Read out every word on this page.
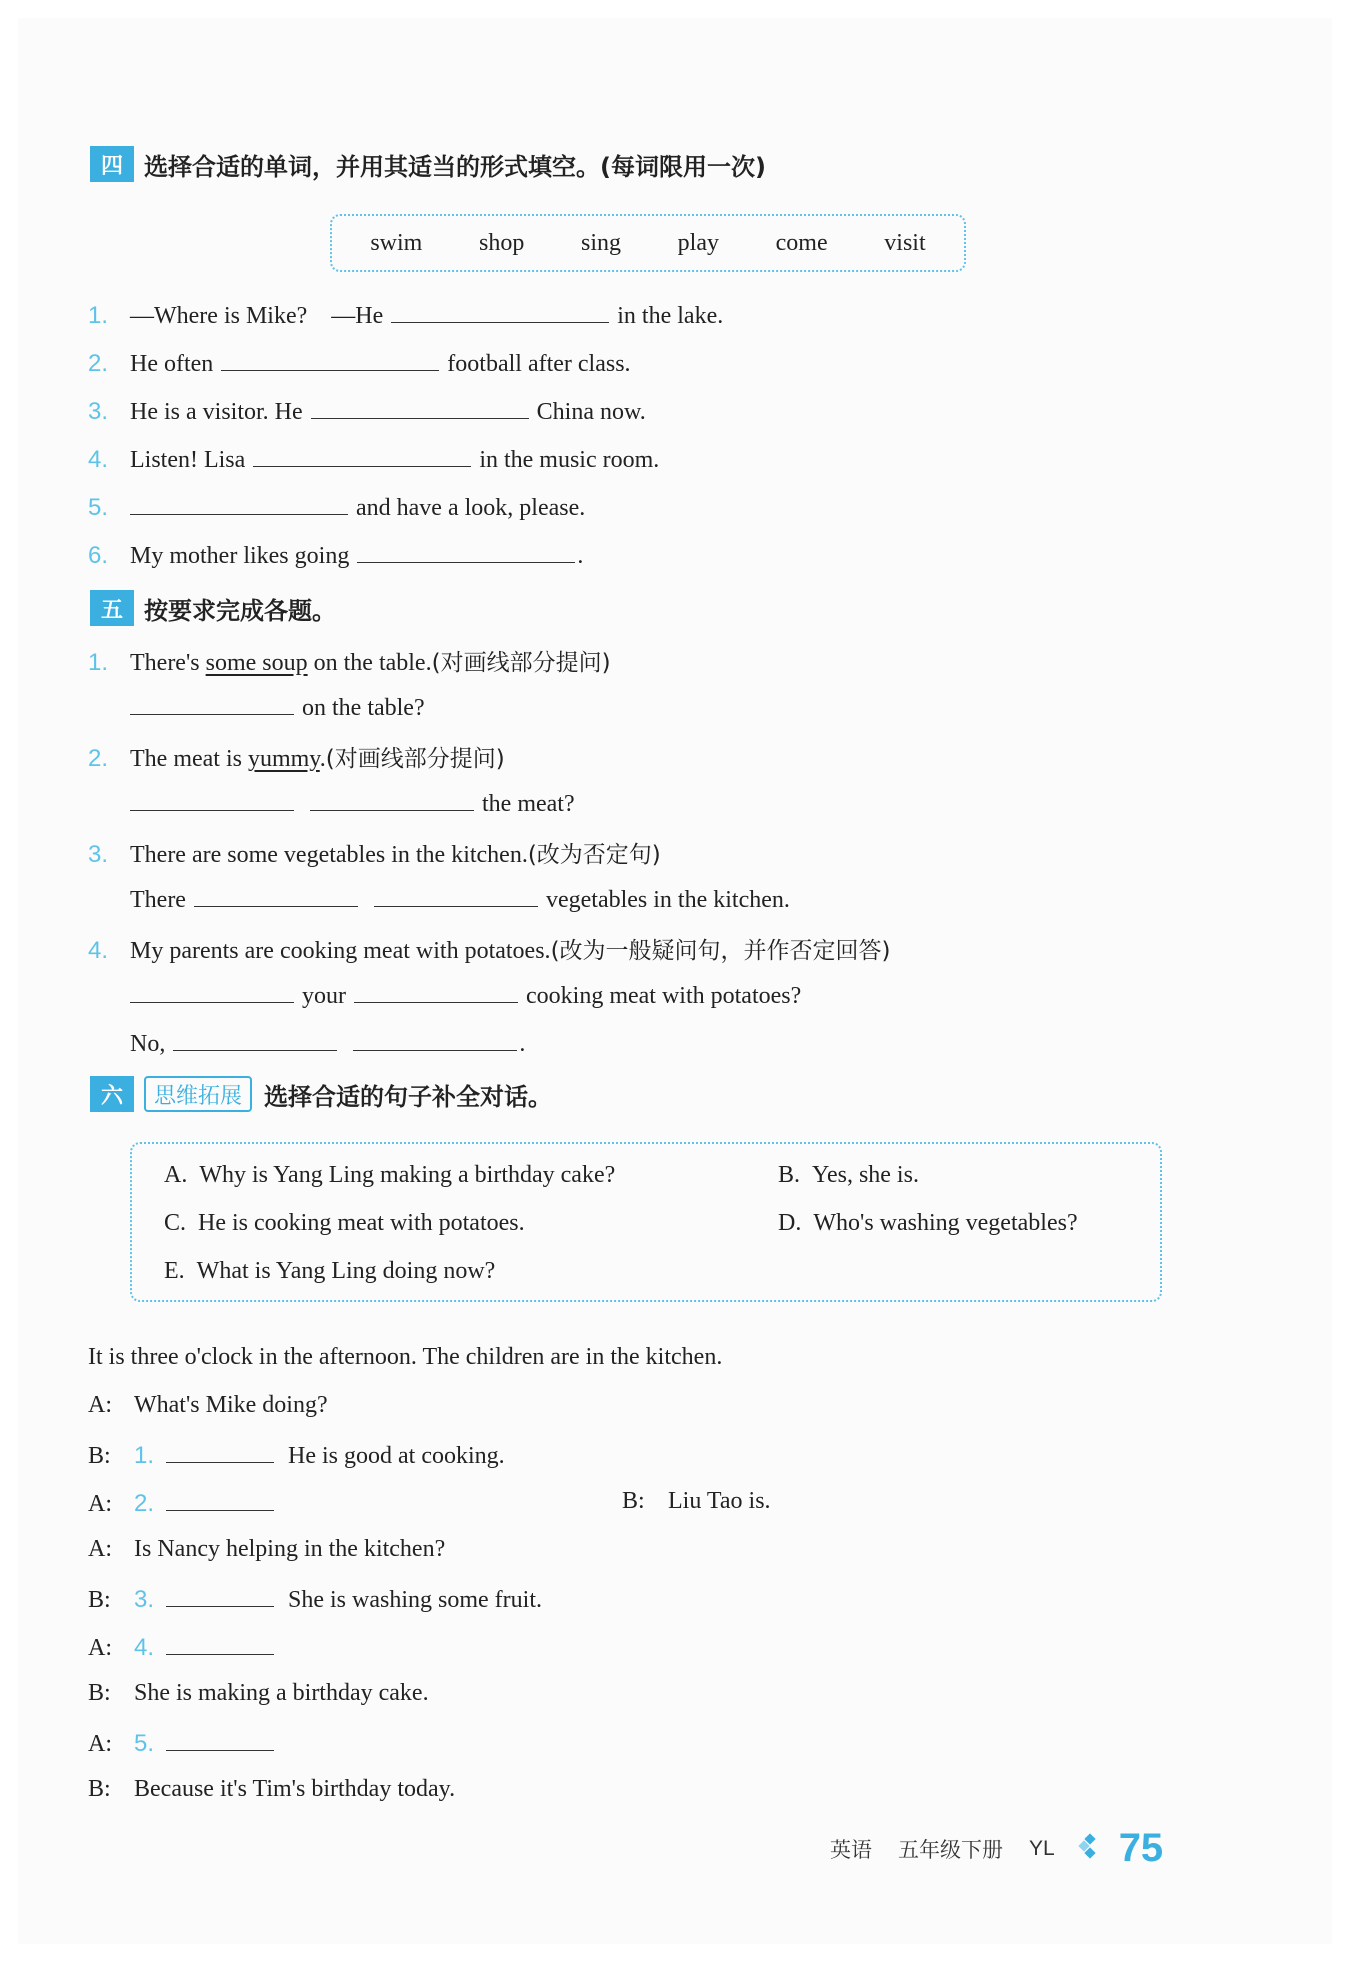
四 选择合适的单词，并用其适当的形式填空。(每词限用一次)
swim shop sing play come visit
1. —Where is Mike?    —He	in the lake.
2. He often	football after class.
3. He is a visitor. He	China now.
4. Listen! Lisa	in the music room.
5.	and have a look, please.
6. My mother likes going	.
五 按要求完成各题。
1. There's some soup on the table.(对画线部分提问)
on the table?
2. The meat is yummy.(对画线部分提问)
the meat?
3. There are some vegetables in the kitchen.(改为否定句)
There	vegetables in the kitchen.
4. My parents are cooking meat with potatoes.(改为一般疑问句，并作否定回答)
your	cooking meat with potatoes?
No,	.
六	思维拓展 选择合适的句子补全对话。
A. Why is Yang Ling making a birthday cake?	B. Yes, she is.
C. He is cooking meat with potatoes.	D. Who's washing vegetables?
E. What is Yang Ling doing now?
It is three o'clock in the afternoon. The children are in the kitchen.
A: What's Mike doing?
B: 1.	He is good at cooking.
A: 2.	B: Liu Tao is.
A: Is Nancy helping in the kitchen?
B: 3.	She is washing some fruit.
A: 4.
B: She is making a birthday cake.
A: 5.
B: Because it's Tim's birthday today.
英语 五年级下册 YL 75
